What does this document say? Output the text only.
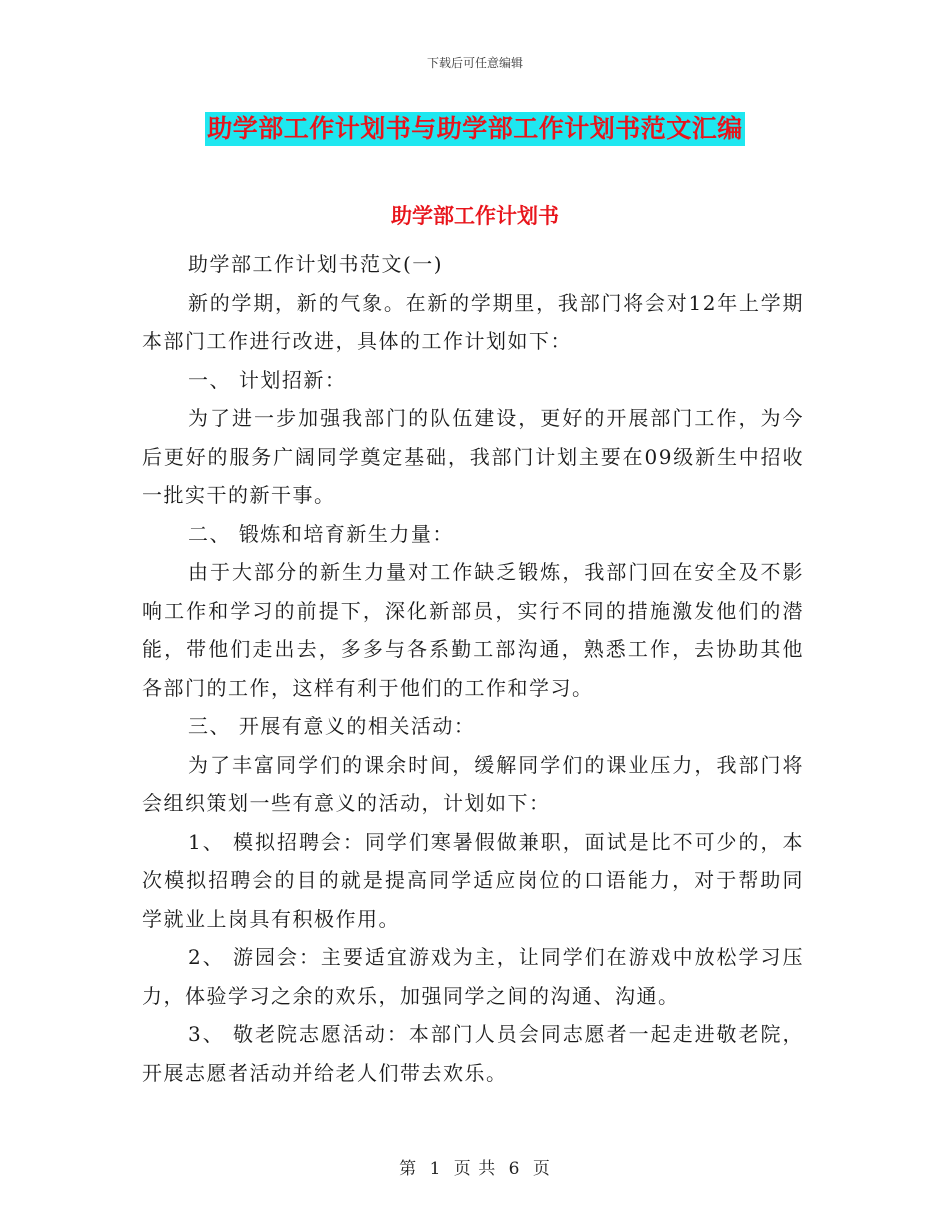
下载后可任意编辑
助学部工作计划书与助学部工作计划书范文汇编
助学部工作计划书

助学部工作计划书范文(一)

新的学期，新的气象。在新的学期里，我部门将会对12年上学期本部门工作进行改进，具体的工作计划如下：

一、 计划招新：

为了进一步加强我部门的队伍建设，更好的开展部门工作，为今后更好的服务广阔同学奠定基础，我部门计划主要在09级新生中招收一批实干的新干事。

二、 锻炼和培育新生力量：

由于大部分的新生力量对工作缺乏锻炼，我部门回在安全及不影响工作和学习的前提下，深化新部员，实行不同的措施激发他们的潜能，带他们走出去，多多与各系勤工部沟通，熟悉工作，去协助其他各部门的工作，这样有利于他们的工作和学习。

三、 开展有意义的相关活动：

为了丰富同学们的课余时间，缓解同学们的课业压力，我部门将会组织策划一些有意义的活动，计划如下：

1、 模拟招聘会：同学们寒暑假做兼职，面试是比不可少的，本次模拟招聘会的目的就是提高同学适应岗位的口语能力，对于帮助同学就业上岗具有积极作用。

2、 游园会：主要适宜游戏为主，让同学们在游戏中放松学习压力，体验学习之余的欢乐，加强同学之间的沟通、沟通。

3、 敬老院志愿活动：本部门人员会同志愿者一起走进敬老院，开展志愿者活动并给老人们带去欢乐。

第 1 页 共 6 页
